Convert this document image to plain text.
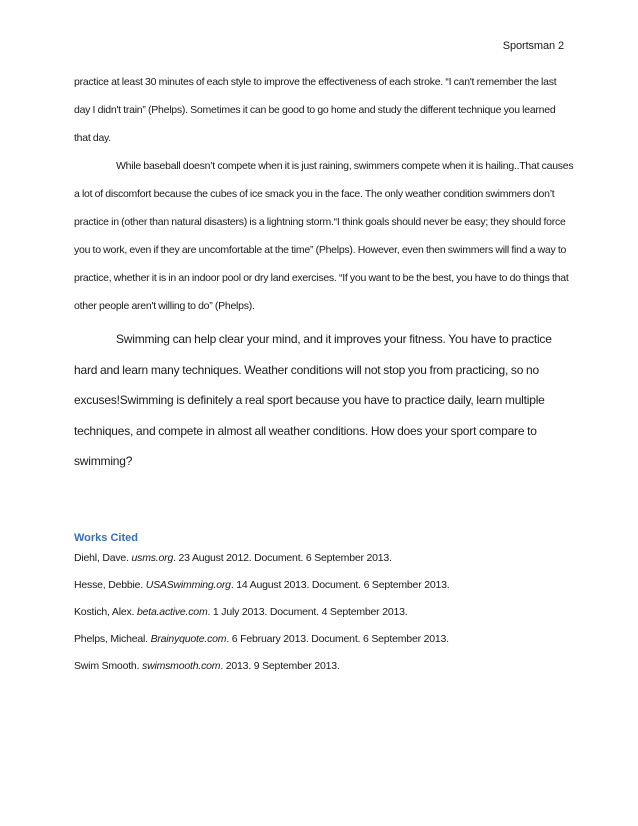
Sportsman 2

practice at least 30 minutes of each style to improve the effectiveness of each stroke. “I can't remember the last day I didn't train” (Phelps). Sometimes it can be good to go home and study the different technique you learned that day.

While baseball doesn’t compete when it is just raining, swimmers compete when it is hailing..That causes a lot of discomfort because the cubes of ice smack you in the face. The only weather condition swimmers don’t practice in (other than natural disasters) is a lightning storm.“I think goals should never be easy; they should force you to work, even if they are uncomfortable at the time” (Phelps). However, even then swimmers will find a way to practice, whether it is in an indoor pool or dry land exercises. “If you want to be the best, you have to do things that other people aren't willing to do” (Phelps).

Swimming can help clear your mind, and it improves your fitness. You have to practice hard and learn many techniques. Weather conditions will not stop you from practicing, so no excuses!Swimming is definitely a real sport because you have to practice daily, learn multiple techniques, and compete in almost all weather conditions. How does your sport compare to swimming?

Works Cited
Diehl, Dave. usms.org. 23 August 2012. Document. 6 September 2013.
Hesse, Debbie. USASwimming.org. 14 August 2013. Document. 6 September 2013.
Kostich, Alex. beta.active.com. 1 July 2013. Document. 4 September 2013.
Phelps, Micheal. Brainyquote.com. 6 February 2013. Document. 6 September 2013.
Swim Smooth. swimsmooth.com. 2013. 9 September 2013.
